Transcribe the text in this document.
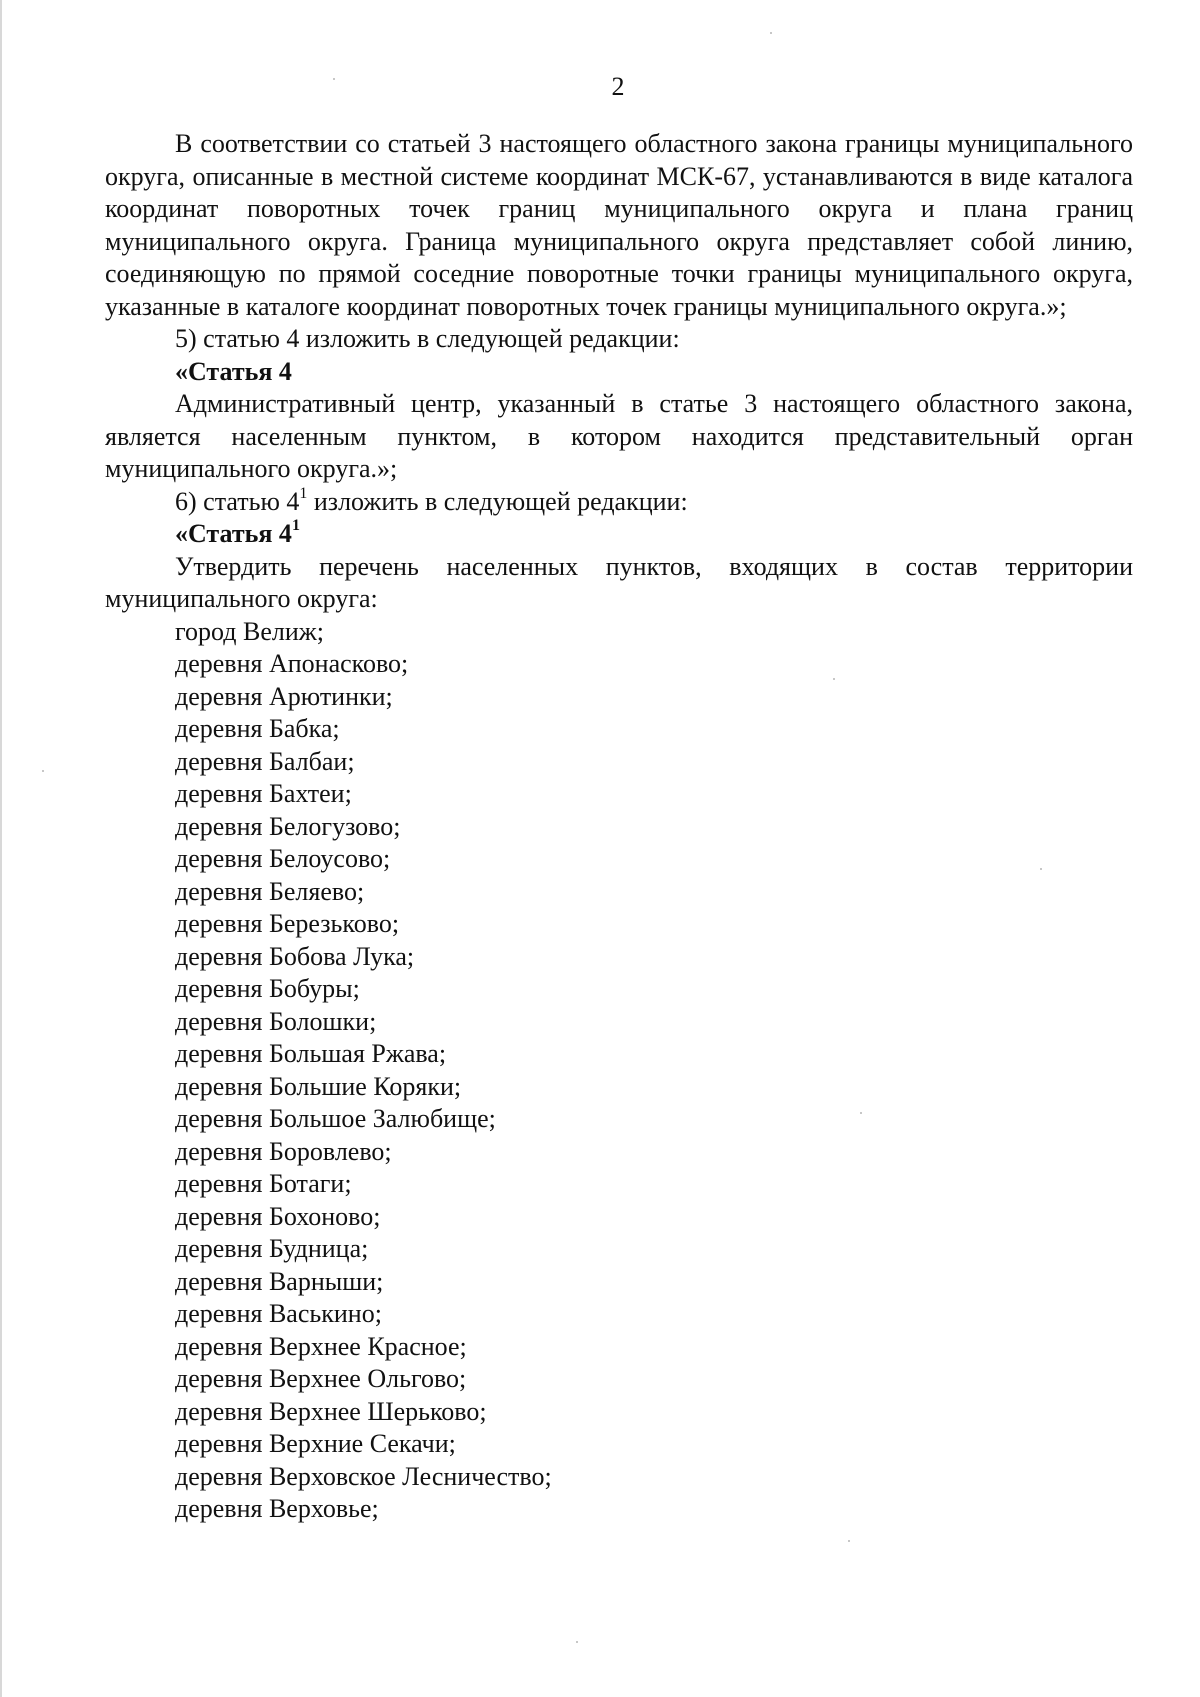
2

В соответствии со статьей 3 настоящего областного закона границы муниципального округа, описанные в местной системе координат МСК-67, устанавливаются в виде каталога координат поворотных точек границ муниципального округа и плана границ муниципального округа. Граница муниципального округа представляет собой линию, соединяющую по прямой соседние поворотные точки границы муниципального округа, указанные в каталоге координат поворотных точек границы муниципального округа.»;

5) статью 4 изложить в следующей редакции:

«Статья 4

Административный центр, указанный в статье 3 настоящего областного закона, является населенным пунктом, в котором находится представительный орган муниципального округа.»;

6) статью $4^1$ изложить в следующей редакции:

«Статья $4^1$

Утвердить перечень населенных пунктов, входящих в состав территории муниципального округа:

город Велиж;
деревня Апонасково;
деревня Арютинки;
деревня Бабка;
деревня Балбаи;
деревня Бахтеи;
деревня Белогузово;
деревня Белоусово;
деревня Беляево;
деревня Березьково;
деревня Бобова Лука;
деревня Бобуры;
деревня Болошки;
деревня Большая Ржава;
деревня Большие Коряки;
деревня Большое Залюбище;
деревня Боровлево;
деревня Ботаги;
деревня Бохоново;
деревня Будница;
деревня Варныши;
деревня Васькино;
деревня Верхнее Красное;
деревня Верхнее Ольгово;
деревня Верхнее Шерьково;
деревня Верхние Секачи;
деревня Верховское Лесничество;
деревня Верховье;
